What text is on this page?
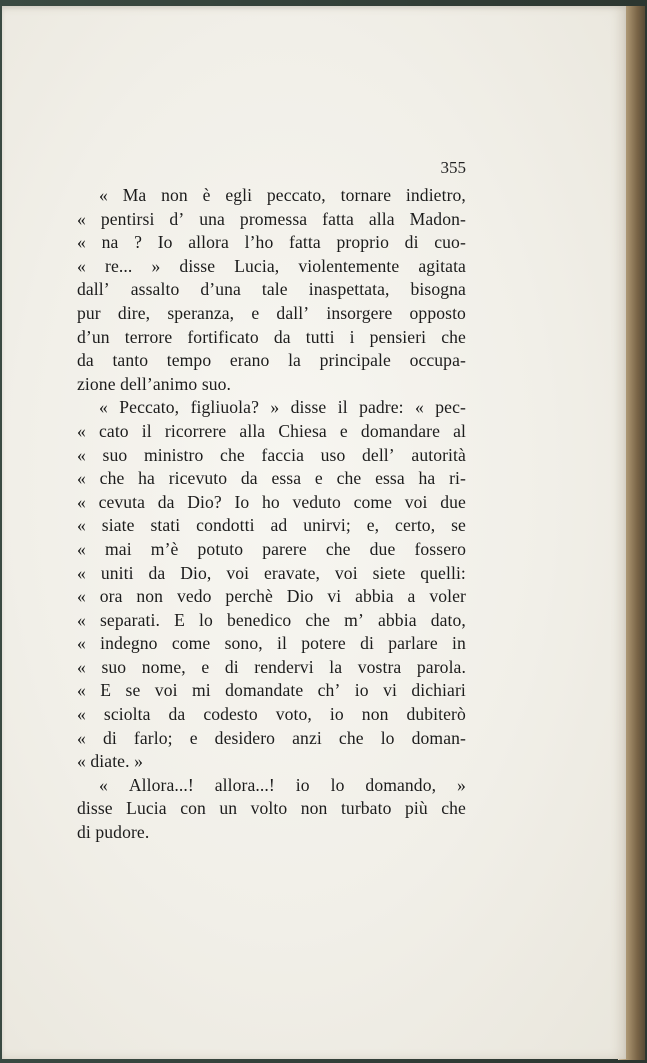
355
« Ma non è egli peccato, tornare indietro,
« pentirsi d’ una promessa fatta alla Madon-
« na ? Io allora l’ho fatta proprio di cuo-
« re... » disse Lucia, violentemente agitata
dall’ assalto d’una tale inaspettata, bisogna
pur dire, speranza, e dall’ insorgere opposto
d’un terrore fortificato da tutti i pensieri che
da tanto tempo erano la principale occupa-
zione dell’animo suo.
« Peccato, figliuola? » disse il padre: « pec-
« cato il ricorrere alla Chiesa e domandare al
« suo ministro che faccia uso dell’ autorità
« che ha ricevuto da essa e che essa ha ri-
« cevuta da Dio? Io ho veduto come voi due
« siate stati condotti ad unirvi; e, certo, se
« mai m’è potuto parere che due fossero
« uniti da Dio, voi eravate, voi siete quelli:
« ora non vedo perchè Dio vi abbia a voler
« separati. E lo benedico che m’ abbia dato,
« indegno come sono, il potere di parlare in
« suo nome, e di rendervi la vostra parola.
« E se voi mi domandate ch’ io vi dichiari
« sciolta da codesto voto, io non dubiterò
« di farlo; e desidero anzi che lo doman-
« diate. »
« Allora...! allora...! io lo domando, »
disse Lucia con un volto non turbato più che
di pudore.
